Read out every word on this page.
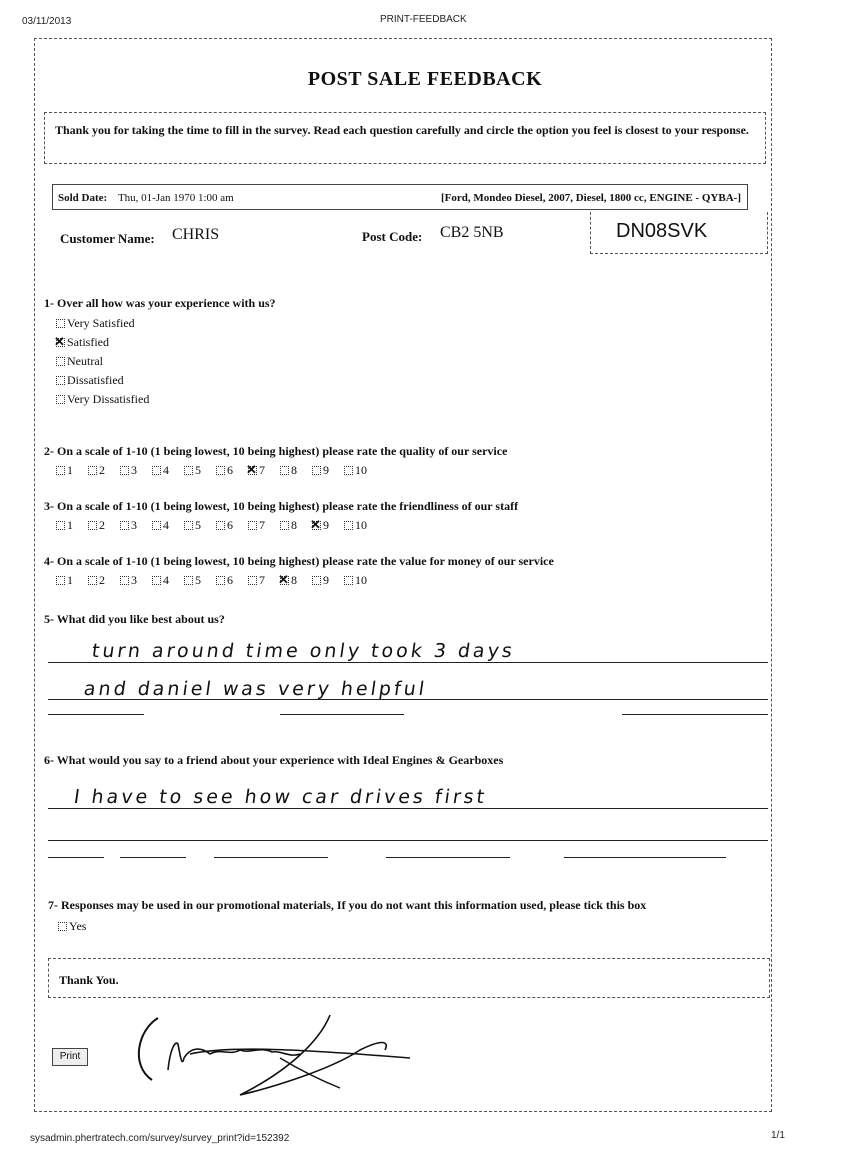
03/11/2013	PRINT-FEEDBACK
POST SALE FEEDBACK
Thank you for taking the time to fill in the survey. Read each question carefully and circle the option you feel is closest to your response.
Sold Date: Thu, 01-Jan 1970 1:00 am	[Ford, Mondeo Diesel, 2007, Diesel, 1800 cc, ENGINE - QYBA-]
Customer Name: CHRIS	Post Code: CB2 5NB	DN08SVK
1- Over all how was your experience with us?
Very Satisfied
✕
Satisfied
Neutral
Dissatisfied
Very Dissatisfied
2- On a scale of 1-10 (1 being lowest, 10 being highest) please rate the quality of our service
1 2 3 4 5 6 ✕ 7 8 9 10
3- On a scale of 1-10 (1 being lowest, 10 being highest) please rate the friendliness of our staff
1 2 3 4 5 6 7 8 ✕ 9 10
4- On a scale of 1-10 (1 being lowest, 10 being highest) please rate the value for money of our service
1 2 3 4 5 6 7 ✕ 8 9 10
5- What did you like best about us?
turn around time only took 3 days
and daniel was very helpful
6- What would you say to a friend about your experience with Ideal Engines & Gearboxes
I have to see how car drives first
7- Responses may be used in our promotional materials, If you do not want this information used, please tick this box
Yes
Thank You.
Print
sysadmin.phertratech.com/survey/survey_print?id=152392	1/1
